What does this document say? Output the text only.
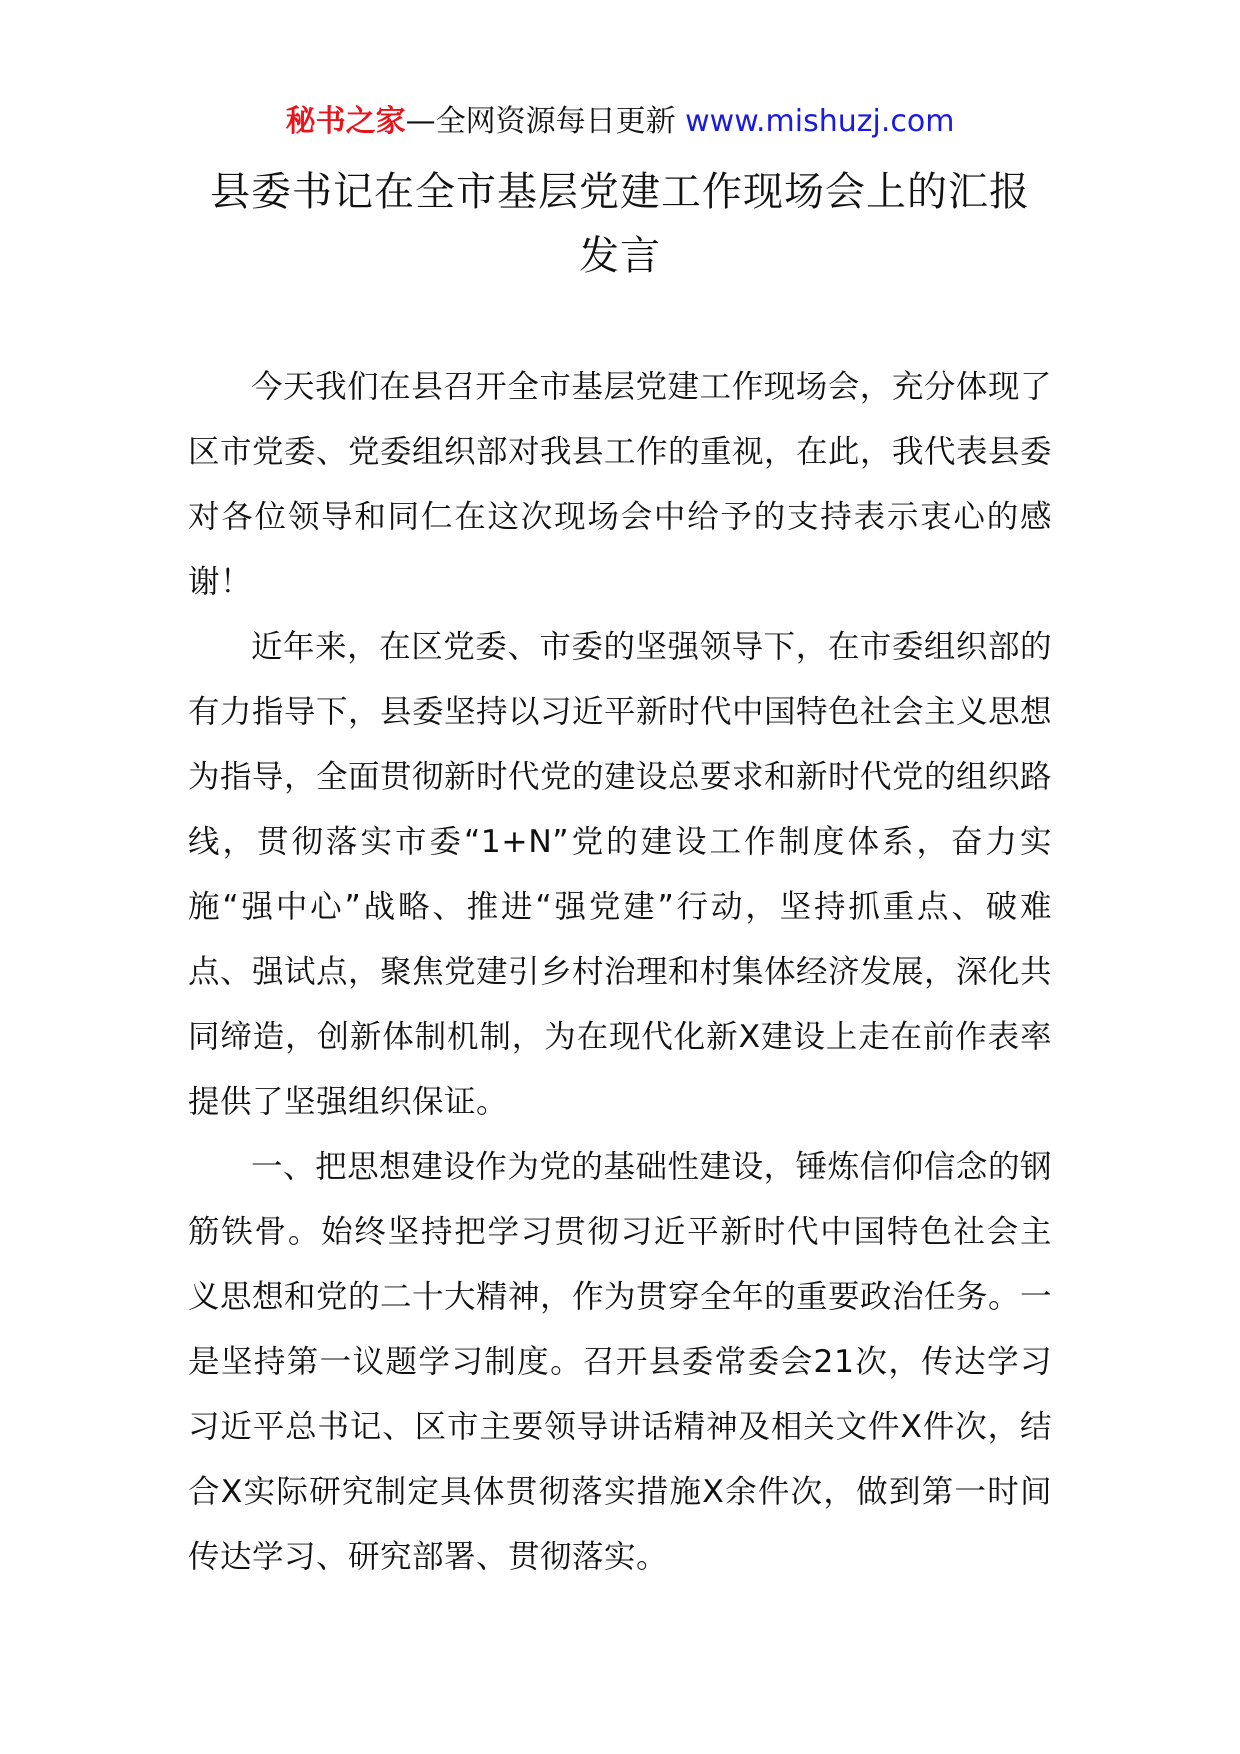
秘书之家—全网资源每日更新 www.mishuzj.com
县委书记在全市基层党建工作现场会上的汇报发言

今天我们在县召开全市基层党建工作现场会，充分体现了区市党委、党委组织部对我县工作的重视，在此，我代表县委对各位领导和同仁在这次现场会中给予的支持表示衷心的感谢！

近年来，在区党委、市委的坚强领导下，在市委组织部的有力指导下，县委坚持以习近平新时代中国特色社会主义思想为指导，全面贯彻新时代党的建设总要求和新时代党的组织路线，贯彻落实市委“1+N”党的建设工作制度体系，奋力实施“强中心”战略、推进“强党建”行动，坚持抓重点、破难点、强试点，聚焦党建引乡村治理和村集体经济发展，深化共同缔造，创新体制机制，为在现代化新X建设上走在前作表率提供了坚强组织保证。

一、把思想建设作为党的基础性建设，锤炼信仰信念的钢筋铁骨。始终坚持把学习贯彻习近平新时代中国特色社会主义思想和党的二十大精神，作为贯穿全年的重要政治任务。一是坚持第一议题学习制度。召开县委常委会21次，传达学习习近平总书记、区市主要领导讲话精神及相关文件X件次，结合X实际研究制定具体贯彻落实措施X余件次，做到第一时间传达学习、研究部署、贯彻落实。
